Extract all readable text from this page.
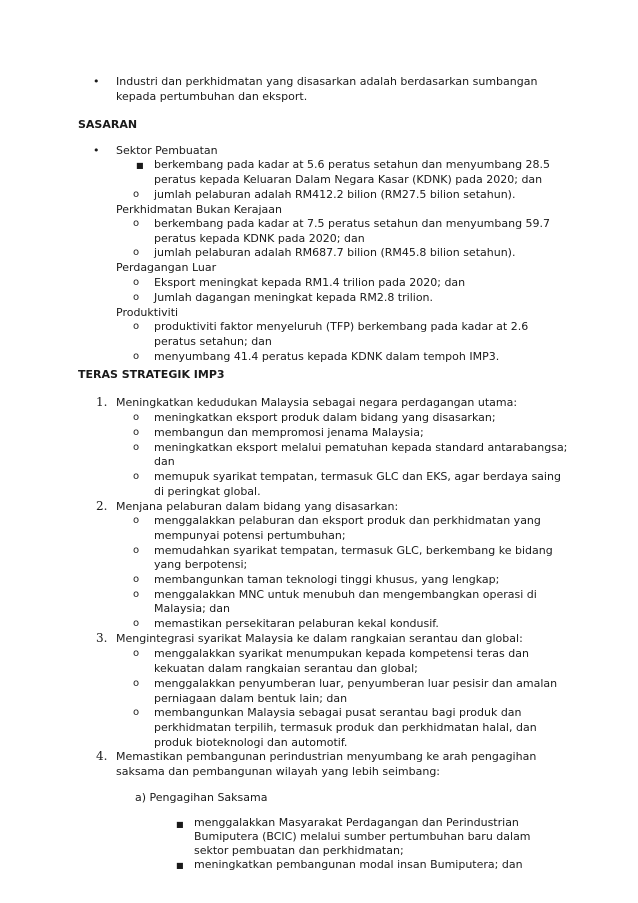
• Industri dan perkhidmatan yang disasarkan adalah berdasarkan sumbangan
kepada pertumbuhan dan eksport.
SASARAN
• Sektor Pembuatan
■ berkembang pada kadar at 5.6 peratus setahun dan menyumbang 28.5
peratus kepada Keluaran Dalam Negara Kasar (KDNK) pada 2020; dan
o jumlah pelaburan adalah RM412.2 bilion (RM27.5 bilion setahun).
Perkhidmatan Bukan Kerajaan
o berkembang pada kadar at 7.5 peratus setahun dan menyumbang 59.7
peratus kepada KDNK pada 2020; dan
o jumlah pelaburan adalah RM687.7 bilion (RM45.8 bilion setahun).
Perdagangan Luar
o Eksport meningkat kepada RM1.4 trilion pada 2020; dan
o Jumlah dagangan meningkat kepada RM2.8 trilion.
Produktiviti
o produktiviti faktor menyeluruh (TFP) berkembang pada kadar at 2.6
peratus setahun; dan
o menyumbang 41.4 peratus kepada KDNK dalam tempoh IMP3.
TERAS STRATEGIK IMP3
1. Meningkatkan kedudukan Malaysia sebagai negara perdagangan utama:
o meningkatkan eksport produk dalam bidang yang disasarkan;
o membangun dan mempromosi jenama Malaysia;
o meningkatkan eksport melalui pematuhan kepada standard antarabangsa;
dan
o memupuk syarikat tempatan, termasuk GLC dan EKS, agar berdaya saing
di peringkat global.
2. Menjana pelaburan dalam bidang yang disasarkan:
o menggalakkan pelaburan dan eksport produk dan perkhidmatan yang
mempunyai potensi pertumbuhan;
o memudahkan syarikat tempatan, termasuk GLC, berkembang ke bidang
yang berpotensi;
o membangunkan taman teknologi tinggi khusus, yang lengkap;
o menggalakkan MNC untuk menubuh dan mengembangkan operasi di
Malaysia; dan
o memastikan persekitaran pelaburan kekal kondusif.
3. Mengintegrasi syarikat Malaysia ke dalam rangkaian serantau dan global:
o menggalakkan syarikat menumpukan kepada kompetensi teras dan
kekuatan dalam rangkaian serantau dan global;
o menggalakkan penyumberan luar, penyumberan luar pesisir dan amalan
perniagaan dalam bentuk lain; dan
o membangunkan Malaysia sebagai pusat serantau bagi produk dan
perkhidmatan terpilih, termasuk produk dan perkhidmatan halal, dan
produk bioteknologi dan automotif.
4. Memastikan pembangunan perindustrian menyumbang ke arah pengagihan
saksama dan pembangunan wilayah yang lebih seimbang:
a) Pengagihan Saksama
■ menggalakkan Masyarakat Perdagangan dan Perindustrian
Bumiputera (BCIC) melalui sumber pertumbuhan baru dalam
sektor pembuatan dan perkhidmatan;
■ meningkatkan pembangunan modal insan Bumiputera; dan
